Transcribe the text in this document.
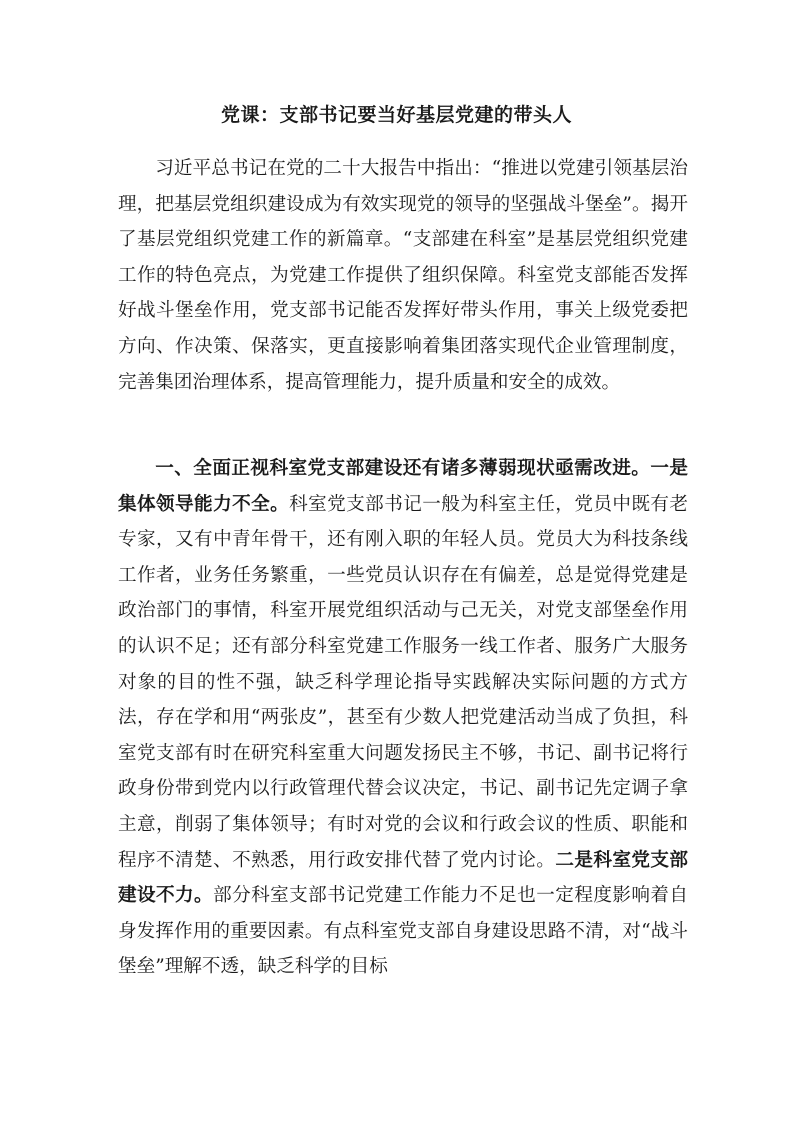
党课：支部书记要当好基层党建的带头人

习近平总书记在党的二十大报告中指出：“推进以党建引领基层治理，把基层党组织建设成为有效实现党的领导的坚强战斗堡垒”。揭开了基层党组织党建工作的新篇章。“支部建在科室”是基层党组织党建工作的特色亮点，为党建工作提供了组织保障。科室党支部能否发挥好战斗堡垒作用，党支部书记能否发挥好带头作用，事关上级党委把方向、作决策、保落实，更直接影响着集团落实现代企业管理制度，完善集团治理体系，提高管理能力，提升质量和安全的成效。

一、全面正视科室党支部建设还有诸多薄弱现状亟需改进。一是集体领导能力不全。科室党支部书记一般为科室主任，党员中既有老专家，又有中青年骨干，还有刚入职的年轻人员。党员大为科技条线工作者，业务任务繁重，一些党员认识存在有偏差，总是觉得党建是政治部门的事情，科室开展党组织活动与己无关，对党支部堡垒作用的认识不足；还有部分科室党建工作服务一线工作者、服务广大服务对象的目的性不强，缺乏科学理论指导实践解决实际问题的方式方法，存在学和用“两张皮”，甚至有少数人把党建活动当成了负担，科室党支部有时在研究科室重大问题发扬民主不够，书记、副书记将行政身份带到党内以行政管理代替会议决定，书记、副书记先定调子拿主意，削弱了集体领导；有时对党的会议和行政会议的性质、职能和程序不清楚、不熟悉，用行政安排代替了党内讨论。二是科室党支部建设不力。部分科室支部书记党建工作能力不足也一定程度影响着自身发挥作用的重要因素。有点科室党支部自身建设思路不清，对“战斗堡垒”理解不透，缺乏科学的目标
